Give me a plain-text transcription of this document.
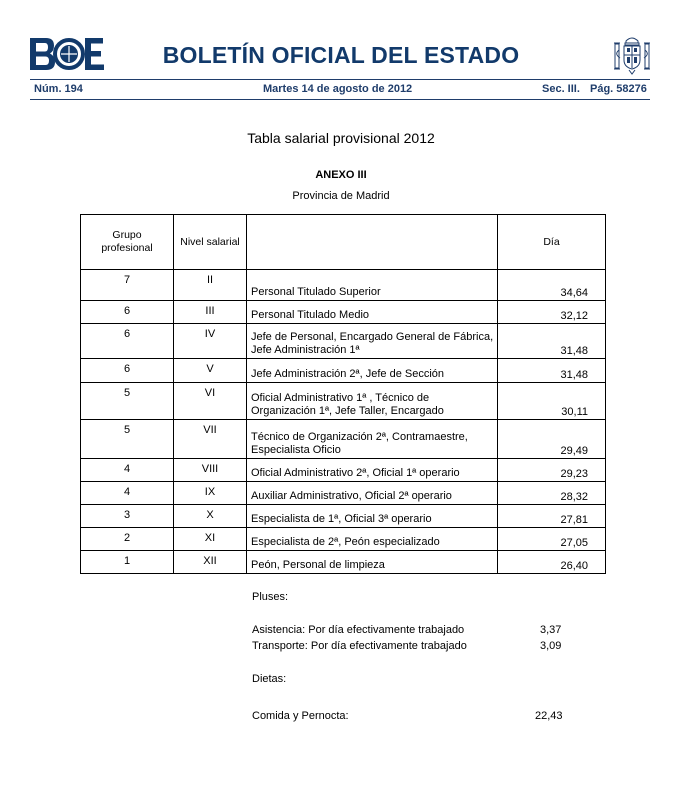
BOLETÍN OFICIAL DEL ESTADO
Núm. 194	Martes 14 de agosto de 2012	Sec. III. Pág. 58276
Tabla salarial provisional 2012
ANEXO III
Provincia de Madrid
Grupo profesional	Nivel salarial		Día
7	II	Personal Titulado Superior	34,64
6	III	Personal Titulado Medio	32,12
6	IV	Jefe de Personal, Encargado General de Fábrica, Jefe Administración 1ª	31,48
6	V	Jefe Administración 2ª, Jefe de Sección	31,48
5	VI	Oficial Administrativo 1ª , Técnico de Organización 1ª, Jefe Taller, Encargado	30,11
5	VII	Técnico de Organización 2ª, Contramaestre, Especialista Oficio	29,49
4	VIII	Oficial Administrativo 2ª, Oficial 1ª operario	29,23
4	IX	Auxiliar Administrativo, Oficial 2ª operario	28,32
3	X	Especialista de 1ª, Oficial 3ª operario	27,81
2	XI	Especialista de 2ª, Peón especializado	27,05
1	XII	Peón, Personal de limpieza	26,40
Pluses:
Asistencia: Por día efectivamente trabajado	3,37
Transporte: Por día efectivamente trabajado	3,09
Dietas:
Comida y Pernocta:	22,43
